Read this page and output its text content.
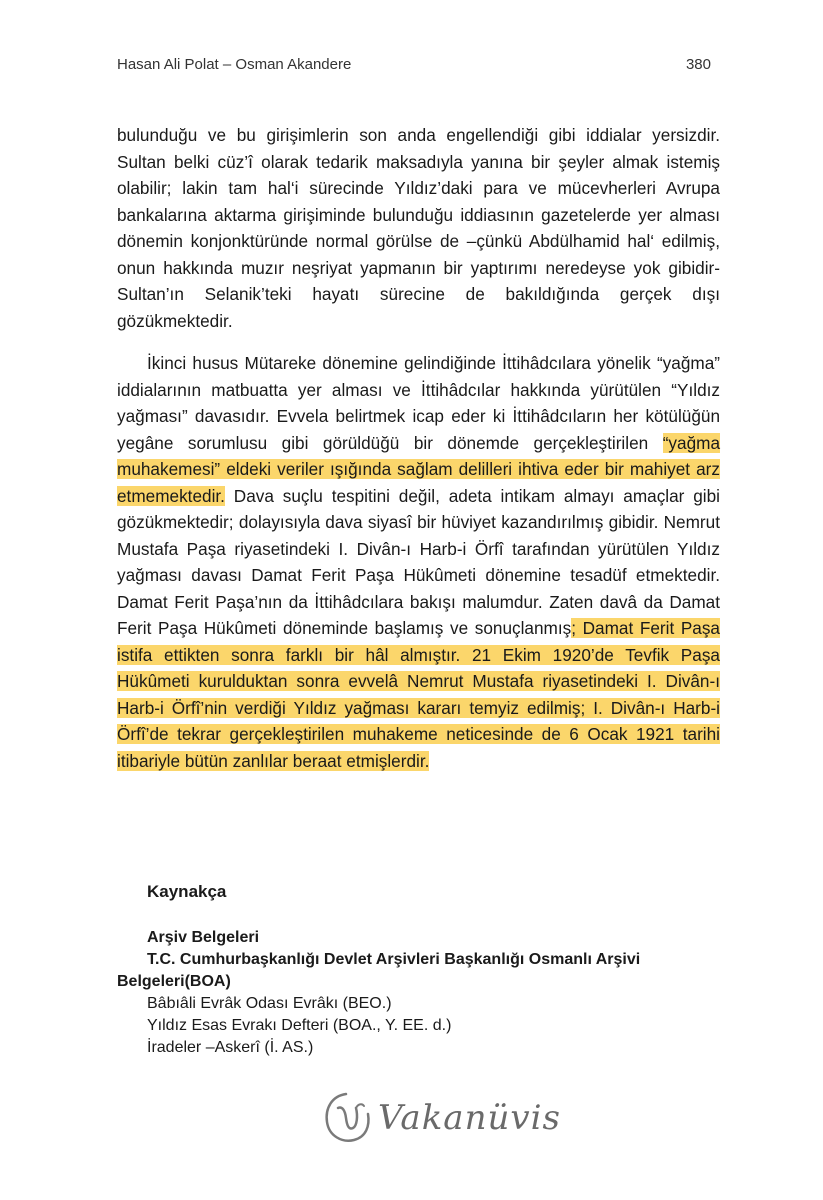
Hasan Ali Polat – Osman Akandere	380

bulunduğu ve bu girişimlerin son anda engellendiği gibi iddialar yersizdir. Sultan belki cüz’î olarak tedarik maksadıyla yanına bir şeyler almak istemiş olabilir; lakin tam hal‘i sürecinde Yıldız’daki para ve mücevherleri Avrupa bankalarına aktarma girişiminde bulunduğu iddiasının gazetelerde yer alması dönemin konjonktüründe normal görülse de –çünkü Abdülhamid hal‘ edilmiş, onun hakkında muzır neşriyat yapmanın bir yaptırımı neredeyse yok gibidir- Sultan’ın Selanik’teki hayatı sürecine de bakıldığında gerçek dışı gözükmektedir.

İkinci husus Mütareke dönemine gelindiğinde İttihâdcılara yönelik “yağma” iddialarının matbuatta yer alması ve İttihâdcılar hakkında yürütülen “Yıldız yağması” davasıdır. Evvela belirtmek icap eder ki İttihâdcıların her kötülüğün yegâne sorumlusu gibi görüldüğü bir dönemde gerçekleştirilen “yağma muhakemesi” eldeki veriler ışığında sağlam delilleri ihtiva eder bir mahiyet arz etmemektedir. Dava suçlu tespitini değil, adeta intikam almayı amaçlar gibi gözükmektedir; dolayısıyla dava siyasî bir hüviyet kazandırılmış gibidir. Nemrut Mustafa Paşa riyasetindeki I. Divân-ı Harb-i Örfî tarafından yürütülen Yıldız yağması davası Damat Ferit Paşa Hükûmeti dönemine tesadüf etmektedir. Damat Ferit Paşa’nın da İttihâdcılara bakışı malumdur. Zaten davâ da Damat Ferit Paşa Hükûmeti döneminde başlamış ve sonuçlanmış; Damat Ferit Paşa istifa ettikten sonra farklı bir hâl almıştır. 21 Ekim 1920’de Tevfik Paşa Hükûmeti kurulduktan sonra evvelâ Nemrut Mustafa riyasetindeki I. Divân-ı Harb-i Örfî’nin verdiği Yıldız yağması kararı temyiz edilmiş; I. Divân-ı Harb-i Örfî’de tekrar gerçekleştirilen muhakeme neticesinde de 6 Ocak 1921 tarihi itibariyle bütün zanlılar beraat etmişlerdir.

Kaynakça
Arşiv Belgeleri
T.C. Cumhurbaşkanlığı Devlet Arşivleri Başkanlığı Osmanlı Arşivi Belgeleri(BOA)
Bâbıâli Evrâk Odası Evrâkı (BEO.)
Yıldız Esas Evrakı Defteri (BOA., Y. EE. d.)
İradeler –Askerî (İ. AS.)
Vakanüvis
